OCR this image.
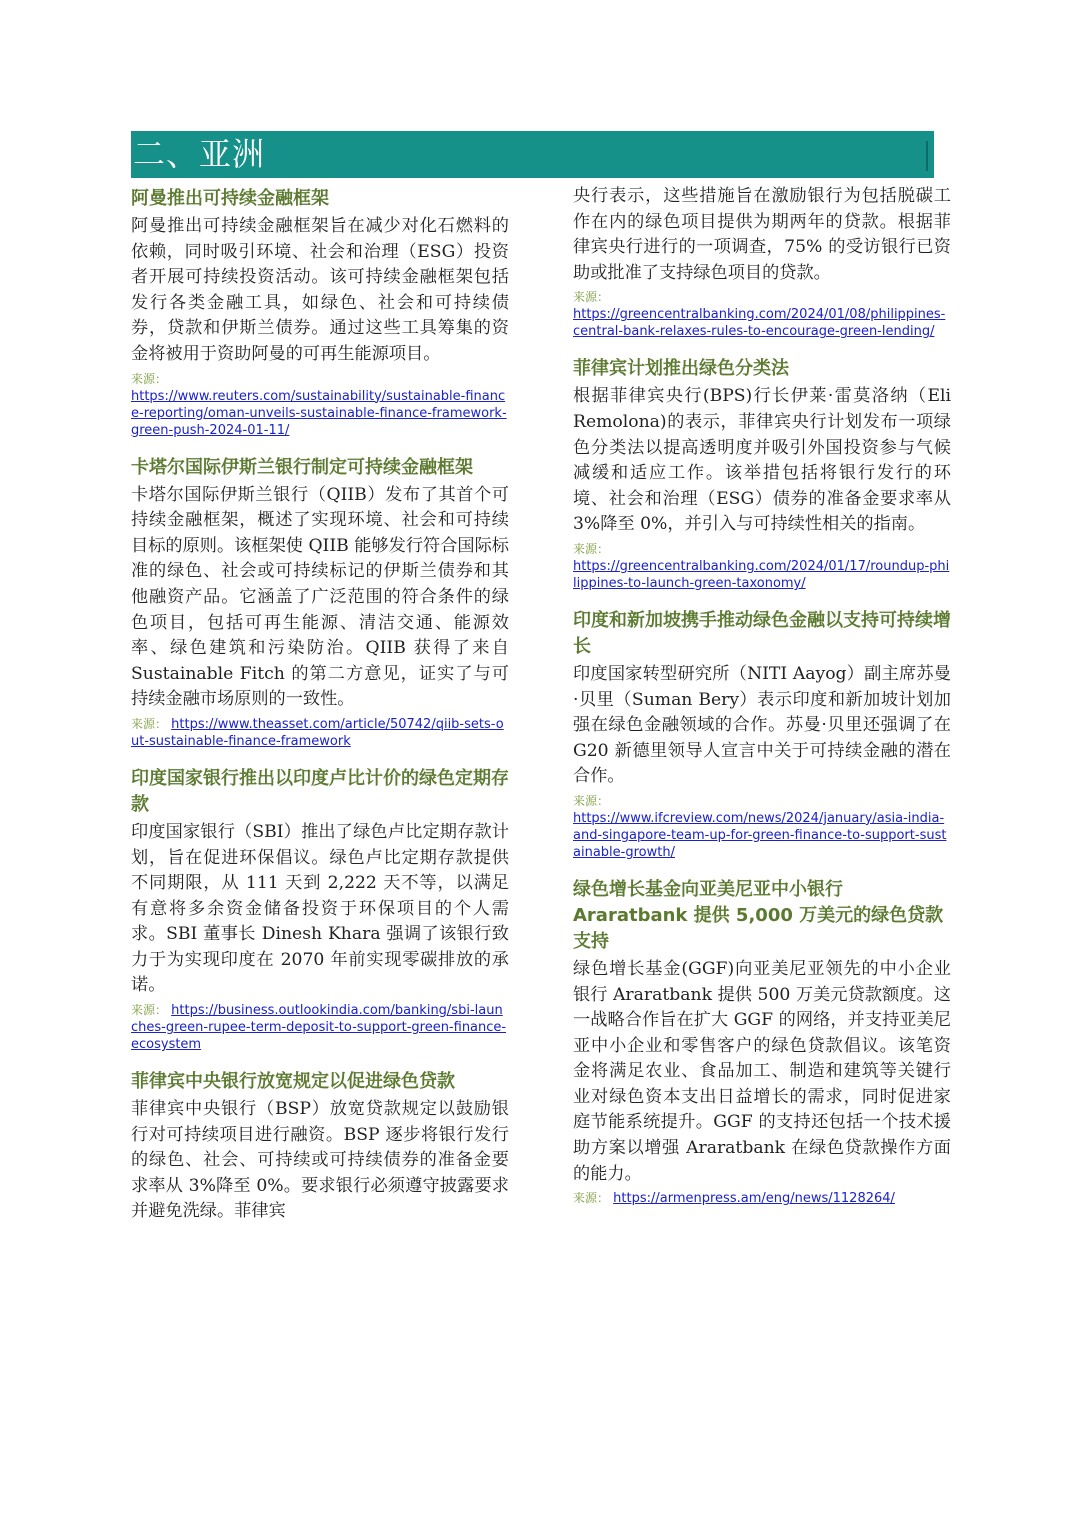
二、亚洲
阿曼推出可持续金融框架

阿曼推出可持续金融框架旨在减少对化石燃料的依赖，同时吸引环境、社会和治理（ESG）投资者开展可持续投资活动。该可持续金融框架包括发行各类金融工具，如绿色、社会和可持续债券，贷款和伊斯兰债券。通过这些工具筹集的资金将被用于资助阿曼的可再生能源项目。

来源：
https://www.reuters.com/sustainability/sustainable-finance-reporting/oman-unveils-sustainable-finance-framework-green-push-2024-01-11/
卡塔尔国际伊斯兰银行制定可持续金融框架

卡塔尔国际伊斯兰银行（QIIB）发布了其首个可持续金融框架，概述了实现环境、社会和可持续目标的原则。该框架使 QIIB 能够发行符合国际标准的绿色、社会或可持续标记的伊斯兰债券和其他融资产品。它涵盖了广泛范围的符合条件的绿色项目，包括可再生能源、清洁交通、能源效率、绿色建筑和污染防治。QIIB 获得了来自 Sustainable Fitch 的第二方意见，证实了与可持续金融市场原则的一致性。

来源： https://www.theasset.com/article/50742/qiib-sets-out-sustainable-finance-framework
印度国家银行推出以印度卢比计价的绿色定期存款

印度国家银行（SBI）推出了绿色卢比定期存款计划，旨在促进环保倡议。绿色卢比定期存款提供不同期限，从 111 天到 2,222 天不等，以满足有意将多余资金储备投资于环保项目的个人需求。SBI 董事长 Dinesh Khara 强调了该银行致力于为实现印度在 2070 年前实现零碳排放的承诺。

来源： https://business.outlookindia.com/banking/sbi-launches-green-rupee-term-deposit-to-support-green-finance-ecosystem
菲律宾中央银行放宽规定以促进绿色贷款

菲律宾中央银行（BSP）放宽贷款规定以鼓励银行对可持续项目进行融资。BSP 逐步将银行发行的绿色、社会、可持续或可持续债券的准备金要求率从 3%降至 0%。要求银行必须遵守披露要求并避免洗绿。菲律宾

央行表示，这些措施旨在激励银行为包括脱碳工作在内的绿色项目提供为期两年的贷款。根据菲律宾央行进行的一项调查，75% 的受访银行已资助或批准了支持绿色项目的贷款。

来源：
https://greencentralbanking.com/2024/01/08/philippines-central-bank-relaxes-rules-to-encourage-green-lending/
菲律宾计划推出绿色分类法

根据菲律宾央行(BPS)行长伊莱·雷莫洛纳（Eli Remolona)的表示，菲律宾央行计划发布一项绿色分类法以提高透明度并吸引外国投资参与气候减缓和适应工作。该举措包括将银行发行的环境、社会和治理（ESG）债券的准备金要求率从 3%降至 0%，并引入与可持续性相关的指南。

来源：
https://greencentralbanking.com/2024/01/17/roundup-philippines-to-launch-green-taxonomy/
印度和新加坡携手推动绿色金融以支持可持续增长

印度国家转型研究所（NITI Aayog）副主席苏曼·贝里（Suman Bery）表示印度和新加坡计划加强在绿色金融领域的合作。苏曼·贝里还强调了在 G20 新德里领导人宣言中关于可持续金融的潜在合作。

来源：
https://www.ifcreview.com/news/2024/january/asia-india-and-singapore-team-up-for-green-finance-to-support-sustainable-growth/
绿色增长基金向亚美尼亚中小银行 Araratbank 提供 5,000 万美元的绿色贷款支持

绿色增长基金(GGF)向亚美尼亚领先的中小企业银行 Araratbank 提供 500 万美元贷款额度。这一战略合作旨在扩大 GGF 的网络，并支持亚美尼亚中小企业和零售客户的绿色贷款倡议。该笔资金将满足农业、食品加工、制造和建筑等关键行业对绿色资本支出日益增长的需求，同时促进家庭节能系统提升。GGF 的支持还包括一个技术援助方案以增强 Araratbank 在绿色贷款操作方面的能力。

来源： https://armenpress.am/eng/news/1128264/
